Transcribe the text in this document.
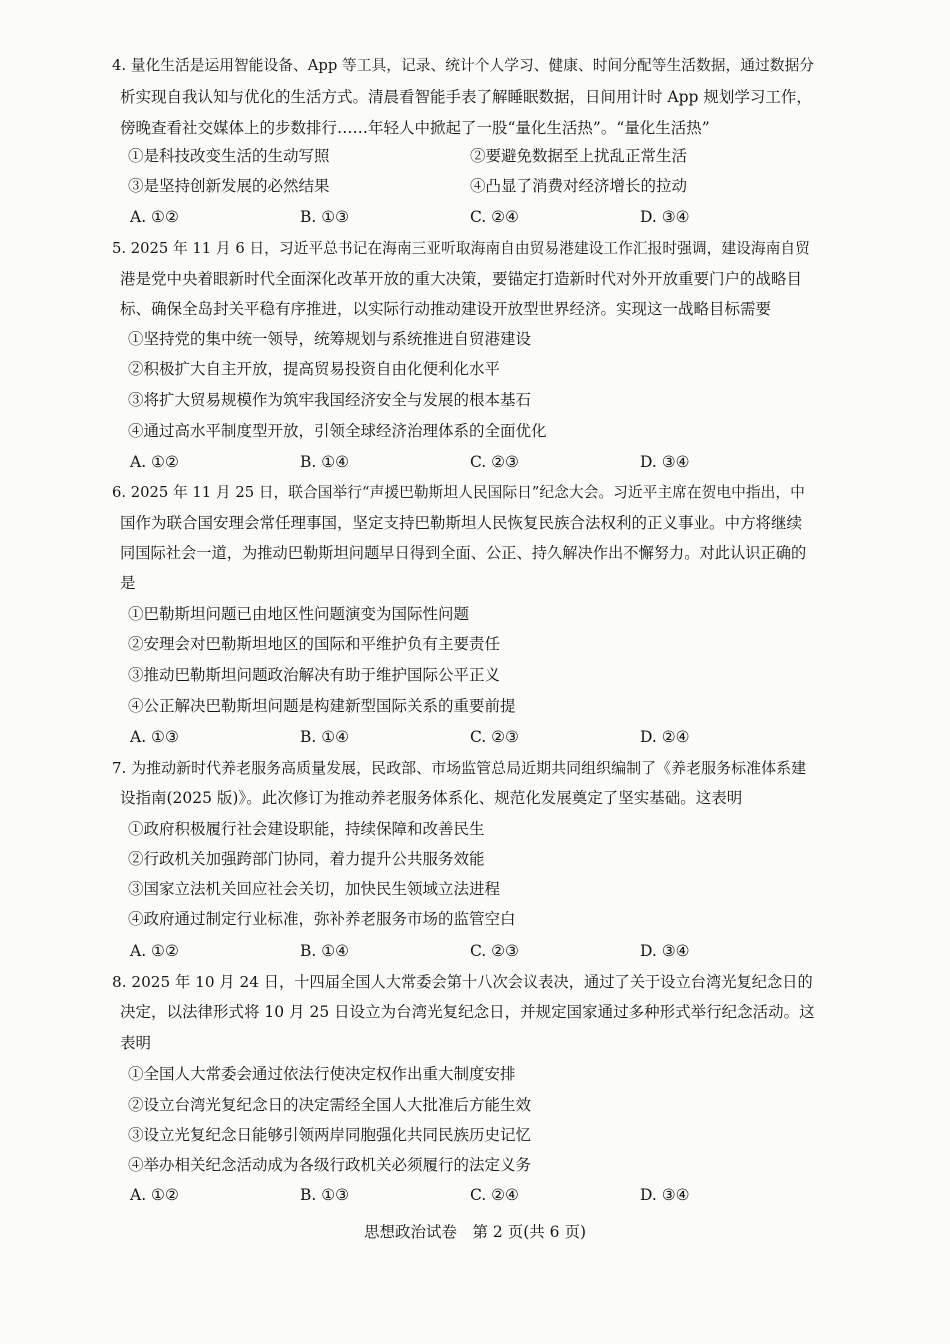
4. 量化生活是运用智能设备、App 等工具，记录、统计个人学习、健康、时间分配等生活数据，通过数据分
析实现自我认知与优化的生活方式。清晨看智能手表了解睡眠数据，日间用计时 App 规划学习工作，
傍晚查看社交媒体上的步数排行……年轻人中掀起了一股“量化生活热”。“量化生活热”
①是科技改变生活的生动写照	②要避免数据至上扰乱正常生活
③是坚持创新发展的必然结果	④凸显了消费对经济增长的拉动
A. ①②	B. ①③	C. ②④	D. ③④
5. 2025 年 11 月 6 日，习近平总书记在海南三亚听取海南自由贸易港建设工作汇报时强调，建设海南自贸
港是党中央着眼新时代全面深化改革开放的重大决策，要锚定打造新时代对外开放重要门户的战略目
标、确保全岛封关平稳有序推进，以实际行动推动建设开放型世界经济。实现这一战略目标需要
①坚持党的集中统一领导，统筹规划与系统推进自贸港建设
②积极扩大自主开放，提高贸易投资自由化便利化水平
③将扩大贸易规模作为筑牢我国经济安全与发展的根本基石
④通过高水平制度型开放，引领全球经济治理体系的全面优化
A. ①②	B. ①④	C. ②③	D. ③④
6. 2025 年 11 月 25 日，联合国举行“声援巴勒斯坦人民国际日”纪念大会。习近平主席在贺电中指出，中
国作为联合国安理会常任理事国，坚定支持巴勒斯坦人民恢复民族合法权利的正义事业。中方将继续
同国际社会一道，为推动巴勒斯坦问题早日得到全面、公正、持久解决作出不懈努力。对此认识正确的
是
①巴勒斯坦问题已由地区性问题演变为国际性问题
②安理会对巴勒斯坦地区的国际和平维护负有主要责任
③推动巴勒斯坦问题政治解决有助于维护国际公平正义
④公正解决巴勒斯坦问题是构建新型国际关系的重要前提
A. ①③	B. ①④	C. ②③	D. ②④
7. 为推动新时代养老服务高质量发展，民政部、市场监管总局近期共同组织编制了《养老服务标准体系建
设指南(2025 版)》。此次修订为推动养老服务体系化、规范化发展奠定了坚实基础。这表明
①政府积极履行社会建设职能，持续保障和改善民生
②行政机关加强跨部门协同，着力提升公共服务效能
③国家立法机关回应社会关切，加快民生领域立法进程
④政府通过制定行业标准，弥补养老服务市场的监管空白
A. ①②	B. ①④	C. ②③	D. ③④
8. 2025 年 10 月 24 日，十四届全国人大常委会第十八次会议表决，通过了关于设立台湾光复纪念日的
决定，以法律形式将 10 月 25 日设立为台湾光复纪念日，并规定国家通过多种形式举行纪念活动。这
表明
①全国人大常委会通过依法行使决定权作出重大制度安排
②设立台湾光复纪念日的决定需经全国人大批准后方能生效
③设立光复纪念日能够引领两岸同胞强化共同民族历史记忆
④举办相关纪念活动成为各级行政机关必须履行的法定义务
A. ①②	B. ①③	C. ②④	D. ③④
思想政治试卷　第 2 页(共 6 页)
